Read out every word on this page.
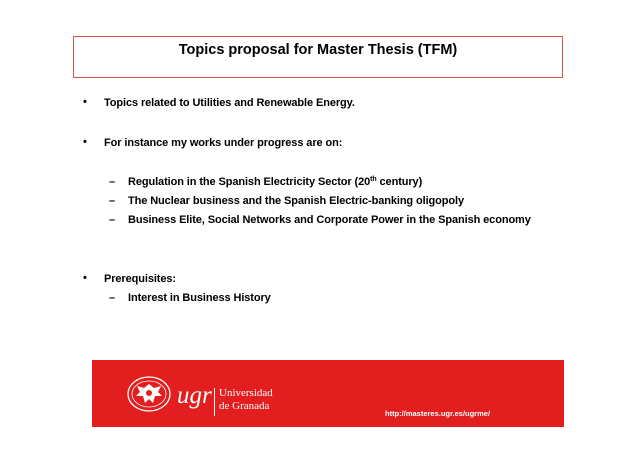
Topics proposal for Master Thesis (TFM)
• Topics related to Utilities and Renewable Energy.
• For instance my works under progress are on:
– Regulation in the Spanish Electricity Sector (20th century)
– The Nuclear business and the Spanish Electric-banking oligopoly
– Business Elite, Social Networks and Corporate Power in the Spanish economy
• Prerequisites:
– Interest in Business History
ugr Universidad
de Granada
http://masteres.ugr.es/ugrme/
